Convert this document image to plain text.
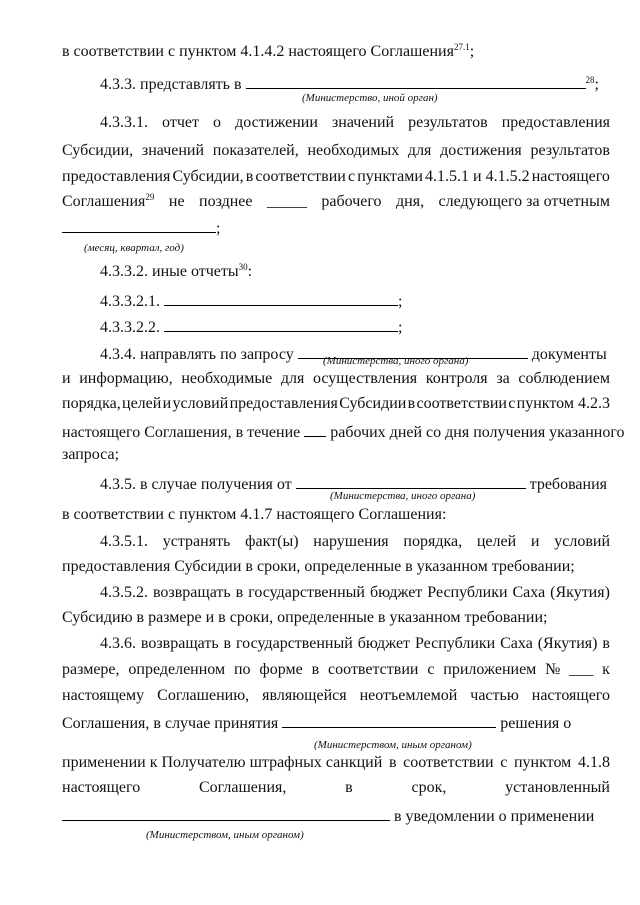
в соответствии с пунктом 4.1.4.2 настоящего Соглашения$^{27.1}$;
4.3.3. представлять в	$^{28}$;
(Министерство, иной орган)
4.3.3.1. отчет о достижении значений результатов предоставления
Субсидии, значений показателей, необходимых для достижения результатов
предоставления Субсидии, в соответствии с пунктами 4.1.5.1 и 4.1.5.2 настоящего
Соглашения$^{29}$ не позднее _____ рабочего дня, следующего за отчетным
;
(месяц, квартал, год)
4.3.3.2. иные отчеты$^{30}$:
4.3.3.2.1.	;
4.3.3.2.2.	;
4.3.4. направлять по запросу	документы
(Министерства, иного органа)
и информацию, необходимые для осуществления контроля за соблюдением
порядка, целей и условий предоставления Субсидии в соответствии с пунктом 4.2.3
настоящего Соглашения, в течение рабочих дней со дня получения указанного
запроса;
4.3.5. в случае получения от	требования
(Министерства, иного органа)
в соответствии с пунктом 4.1.7 настоящего Соглашения:
4.3.5.1. устранять факт(ы) нарушения порядка, целей и условий
предоставления Субсидии в сроки, определенные в указанном требовании;
4.3.5.2. возвращать в государственный бюджет Республики Саха (Якутия)
Субсидию в размере и в сроки, определенные в указанном требовании;
4.3.6. возвращать в государственный бюджет Республики Саха (Якутия) в
размере, определенном по форме в соответствии с приложением № ___ к
настоящему Соглашению, являющейся неотъемлемой частью настоящего
Соглашения, в случае принятия	решения о
(Министерством, иным органом)
применении к Получателю штрафных санкций в соответствии с пунктом 4.1.8
настоящего	Соглашения,	в	срок,	установленный
в уведомлении о применении
(Министерством, иным органом)
